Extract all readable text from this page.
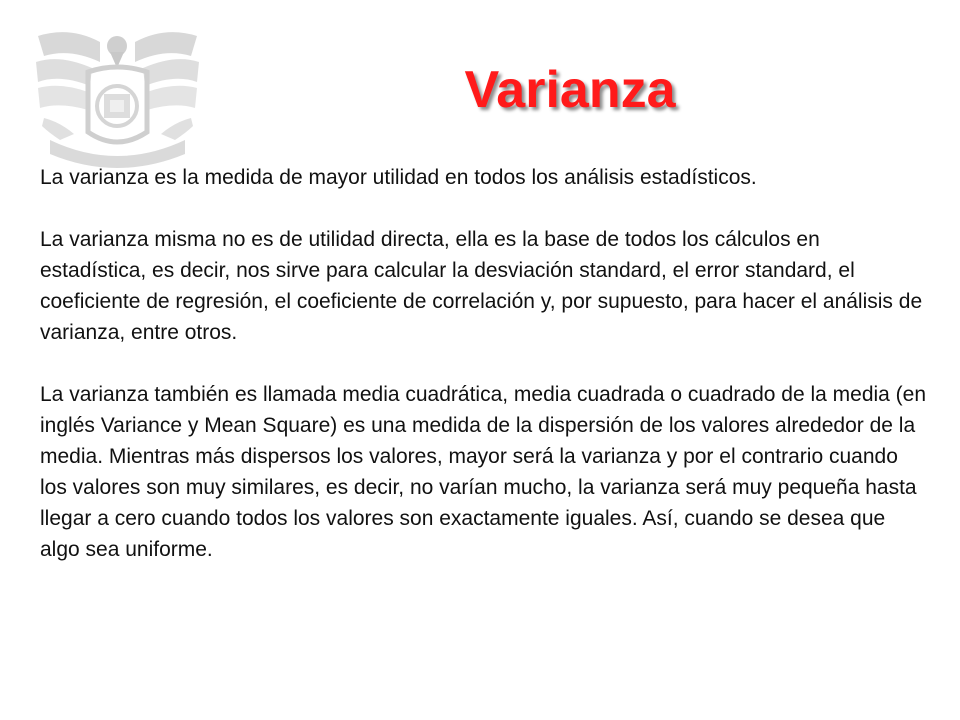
Varianza

La varianza es la medida de mayor utilidad en todos los análisis estadísticos.

La varianza misma no es de utilidad directa, ella es la base de todos los cálculos en estadística, es decir, nos sirve para calcular la desviación standard, el error standard, el coeficiente de regresión, el coeficiente de correlación y, por supuesto, para hacer el análisis de varianza, entre otros.

La varianza también es llamada media cuadrática, media cuadrada o cuadrado de la media (en inglés Variance y Mean Square) es una medida de la dispersión de los valores alrededor de la media. Mientras más dispersos los valores, mayor será la varianza y por el contrario cuando los valores son muy similares, es decir, no varían mucho, la varianza será muy pequeña hasta llegar a cero cuando todos los valores son exactamente iguales. Así, cuando se desea que algo sea uniforme.
